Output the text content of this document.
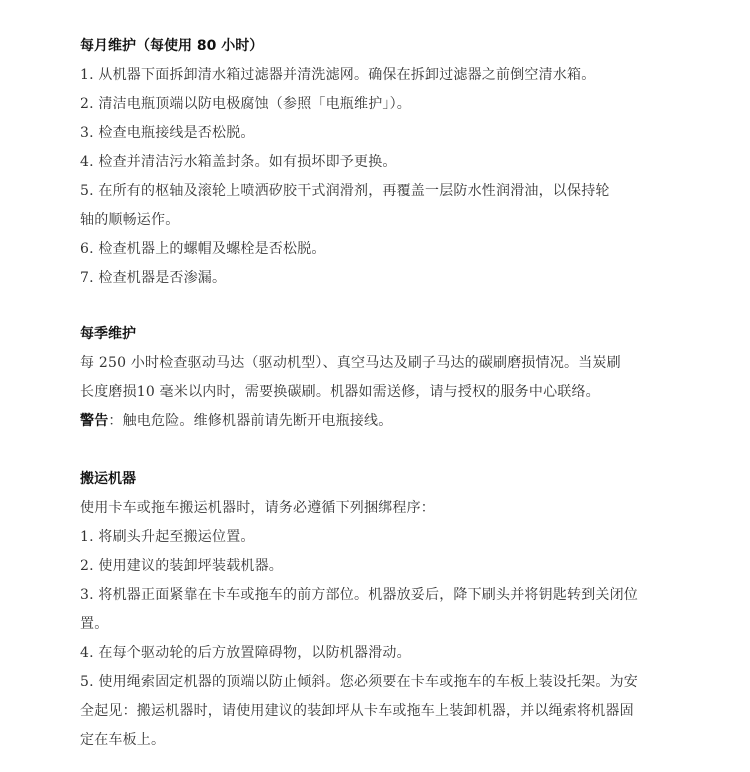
每月维护（每使用 80 小时）
1. 从机器下面拆卸清水箱过滤器并清洗滤网。确保在拆卸过滤器之前倒空清水箱。
2. 清洁电瓶顶端以防电极腐蚀（参照「电瓶维护」）。
3. 检查电瓶接线是否松脱。
4. 检查并清洁污水箱盖封条。如有损坏即予更换。
5. 在所有的枢轴及滚轮上喷洒矽胶干式润滑剂，再覆盖一层防水性润滑油，以保持轮
轴的顺畅运作。
6. 检查机器上的螺帽及螺栓是否松脱。
7. 检查机器是否渗漏。
每季维护
每 250 小时检查驱动马达（驱动机型）、真空马达及刷子马达的碳刷磨损情况。当炭刷
长度磨损10 毫米以内时，需要换碳刷。机器如需送修，请与授权的服务中心联络。
警告：触电危险。维修机器前请先断开电瓶接线。
搬运机器
使用卡车或拖车搬运机器时，请务必遵循下列捆绑程序：
1. 将刷头升起至搬运位置。
2. 使用建议的装卸坪装载机器。
3. 将机器正面紧靠在卡车或拖车的前方部位。机器放妥后，降下刷头并将钥匙转到关闭位
置。
4. 在每个驱动轮的后方放置障碍物，以防机器滑动。
5. 使用绳索固定机器的顶端以防止倾斜。您必须要在卡车或拖车的车板上装设托架。为安
全起见：搬运机器时，请使用建议的装卸坪从卡车或拖车上装卸机器，并以绳索将机器固
定在车板上。
